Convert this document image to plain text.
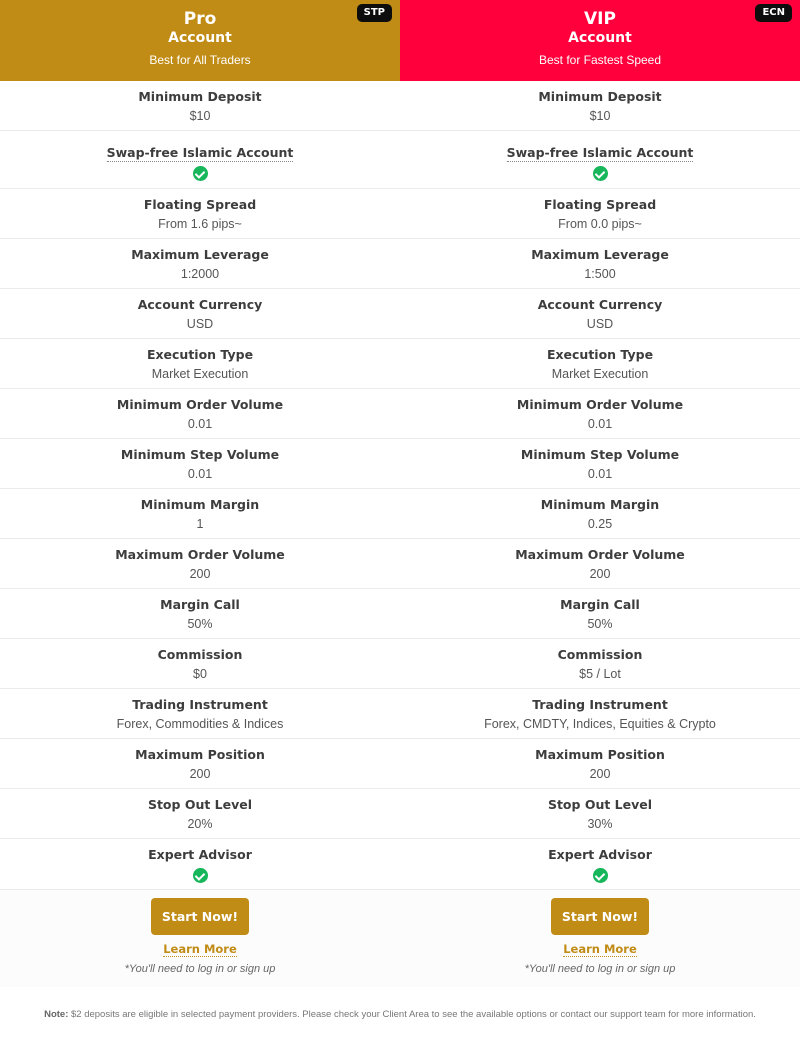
Pro
Account
Best for All Traders
STP
Minimum Deposit
$10
Swap-free Islamic Account
Floating Spread
From 1.6 pips~
Maximum Leverage
1:2000
Account Currency
USD
Execution Type
Market Execution
Minimum Order Volume
0.01
Minimum Step Volume
0.01
Minimum Margin
1
Maximum Order Volume
200
Margin Call
50%
Commission
$0
Trading Instrument
Forex, Commodities & Indices
Maximum Position
200
Stop Out Level
20%
Expert Advisor
Start Now!
Learn More
*You'll need to log in or sign up
VIP
Account
Best for Fastest Speed
ECN
Minimum Deposit
$10
Swap-free Islamic Account
Floating Spread
From 0.0 pips~
Maximum Leverage
1:500
Account Currency
USD
Execution Type
Market Execution
Minimum Order Volume
0.01
Minimum Step Volume
0.01
Minimum Margin
0.25
Maximum Order Volume
200
Margin Call
50%
Commission
$5 / Lot
Trading Instrument
Forex, CMDTY, Indices, Equities & Crypto
Maximum Position
200
Stop Out Level
30%
Expert Advisor
Start Now!
Learn More
*You'll need to log in or sign up
Note: $2 deposits are eligible in selected payment providers. Please check your Client Area to see the available options or contact our support team for more information.
